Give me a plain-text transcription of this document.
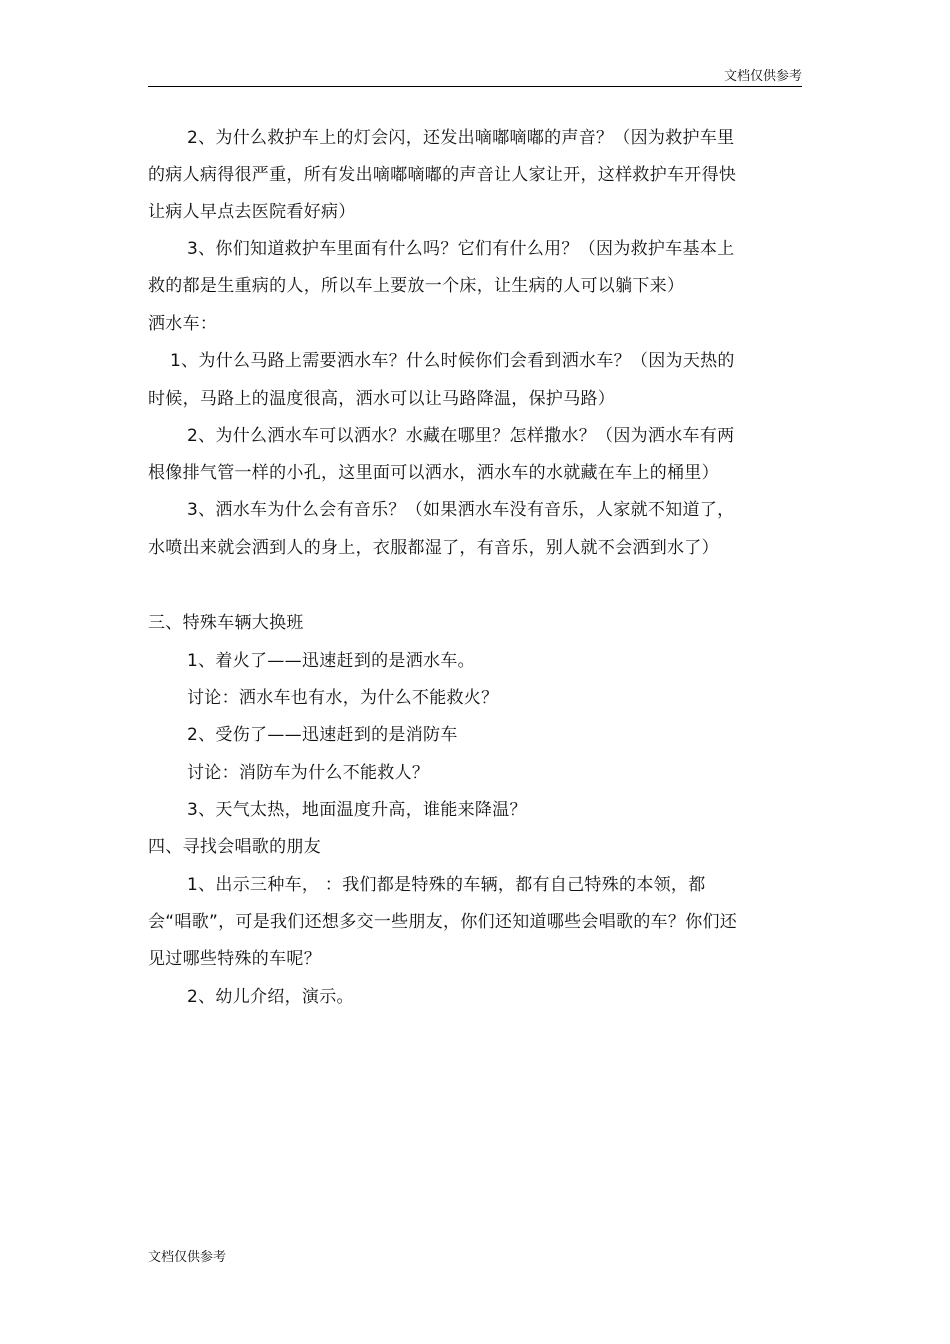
文档仅供参考
2、为什么救护车上的灯会闪，还发出嘀嘟嘀嘟的声音？（因为救护车里
的病人病得很严重，所有发出嘀嘟嘀嘟的声音让人家让开，这样救护车开得快
让病人早点去医院看好病）
3、你们知道救护车里面有什么吗？它们有什么用？（因为救护车基本上
救的都是生重病的人，所以车上要放一个床，让生病的人可以躺下来）
洒水车：
1、为什么马路上需要洒水车？什么时候你们会看到洒水车？（因为天热的
时候，马路上的温度很高，洒水可以让马路降温，保护马路）
2、为什么洒水车可以洒水？水藏在哪里？怎样撒水？（因为洒水车有两
根像排气管一样的小孔，这里面可以洒水，洒水车的水就藏在车上的桶里）
3、洒水车为什么会有音乐？（如果洒水车没有音乐，人家就不知道了，
水喷出来就会洒到人的身上，衣服都湿了，有音乐，别人就不会洒到水了）
三、特殊车辆大换班
1、着火了——迅速赶到的是洒水车。
讨论：洒水车也有水，为什么不能救火？
2、受伤了——迅速赶到的是消防车
讨论：消防车为什么不能救人？
3、天气太热，地面温度升高，谁能来降温？
四、寻找会唱歌的朋友
1、出示三种车， ：我们都是特殊的车辆，都有自己特殊的本领，都
会“唱歌”，可是我们还想多交一些朋友，你们还知道哪些会唱歌的车？你们还
见过哪些特殊的车呢？
2、幼儿介绍，演示。
文档仅供参考
